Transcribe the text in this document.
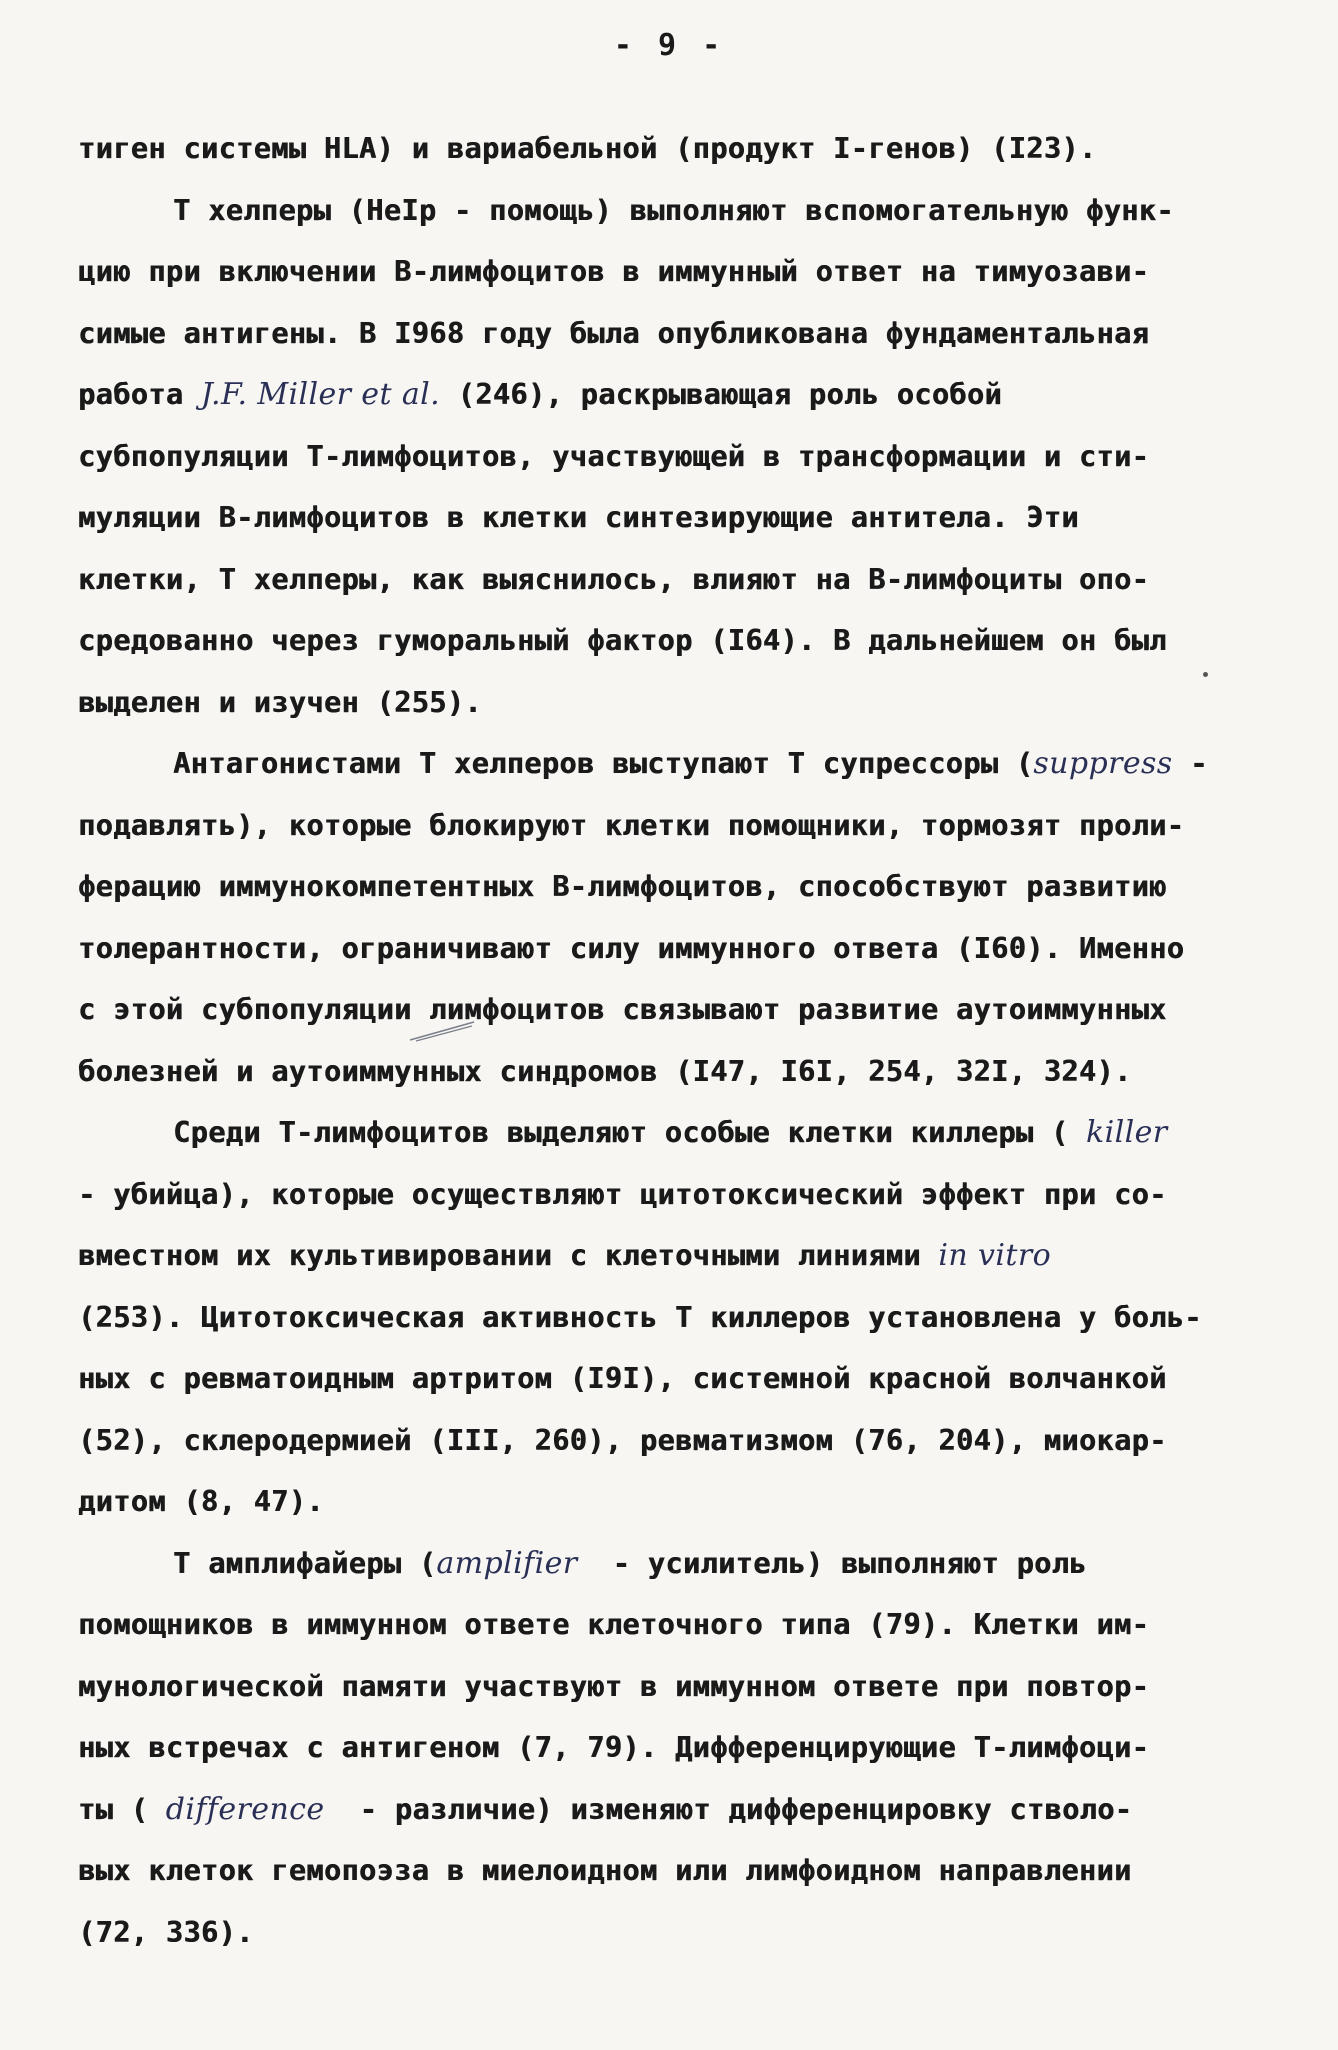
- 9 -
тиген системы HLA) и вариабельной (продукт I-генов) (I23).
Т хелперы (HeIp - помощь) выполняют вспомогательную функ-
цию при включении В-лимфоцитов в иммунный ответ на тимуозави-
симые антигены. В I968 году была опубликована фундаментальная
работа J.F. Miller et al. (246), раскрывающая роль особой
субпопуляции Т-лимфоцитов, участвующей в трансформации и сти-
муляции В-лимфоцитов в клетки синтезирующие антитела. Эти
клетки, Т хелперы, как выяснилось, влияют на В-лимфоциты опо-
средованно через гуморальный фактор (I64). В дальнейшем он был
выделен и изучен (255).
Антагонистами Т хелперов выступают Т супрессоры (suppress -
подавлять), которые блокируют клетки помощники, тормозят проли-
ферацию иммунокомпетентных В-лимфоцитов, способствуют развитию
толерантности, ограничивают силу иммунного ответа (I60). Именно
с этой субпопуляции лимфоцитов связывают развитие аутоиммунных
болезней и аутоиммунных синдромов (I47, I6I, 254, 32I, 324).
Среди Т-лимфоцитов выделяют особые клетки киллеры ( killer
- убийца), которые осуществляют цитотоксический эффект при со-
вместном их культивировании с клеточными линиями in vitro
(253). Цитотоксическая активность Т киллеров установлена у боль-
ных с ревматоидным артритом (I9I), системной красной волчанкой
(52), склеродермией (III, 260), ревматизмом (76, 204), миокар-
дитом (8, 47).
Т амплифайеры (amplifier  - усилитель) выполняют роль
помощников в иммунном ответе клеточного типа (79). Клетки им-
мунологической памяти участвуют в иммунном ответе при повтор-
ных встречах с антигеном (7, 79). Дифференцирующие Т-лимфоци-
ты ( difference  - различие) изменяют дифференцировку стволо-
вых клеток гемопоэза в миелоидном или лимфоидном направлении
(72, 336).
